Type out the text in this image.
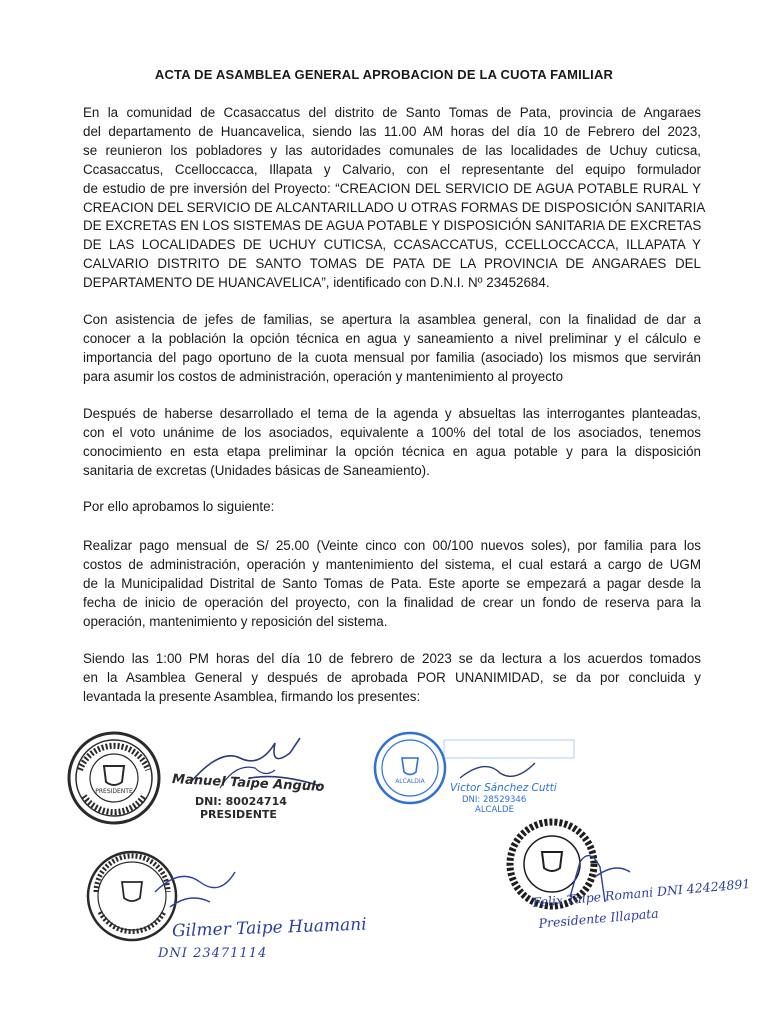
ACTA DE ASAMBLEA GENERAL APROBACION DE LA CUOTA FAMILIAR
En la comunidad de Ccasaccatus del distrito de Santo Tomas de Pata, provincia de Angaraes
del departamento de Huancavelica, siendo las 11.00 AM horas del día 10 de Febrero del 2023,
se reunieron los pobladores y las autoridades comunales de las localidades de Uchuy cuticsa,
Ccasaccatus, Ccelloccacca, Illapata y Calvario, con el representante del equipo formulador
de estudio de pre inversión del Proyecto: “CREACION DEL SERVICIO DE AGUA POTABLE RURAL Y
CREACION DEL SERVICIO DE ALCANTARILLADO U OTRAS FORMAS DE DISPOSICIÓN SANITARIA
DE EXCRETAS EN LOS SISTEMAS DE AGUA POTABLE Y DISPOSICIÓN SANITARIA DE EXCRETAS
DE LAS LOCALIDADES DE UCHUY CUTICSA, CCASACCATUS, CCELLOCCACCA, ILLAPATA Y
CALVARIO DISTRITO DE SANTO TOMAS DE PATA DE LA PROVINCIA DE ANGARAES DEL
DEPARTAMENTO DE HUANCAVELICA”, identificado con D.N.I. Nº 23452684.
Con asistencia de jefes de familias, se apertura la asamblea general, con la finalidad de dar a
conocer a la población la opción técnica en agua y saneamiento a nivel preliminar y el cálculo e
importancia del pago oportuno de la cuota mensual por familia (asociado) los mismos que servirán
para asumir los costos de administración, operación y mantenimiento al proyecto
Después de haberse desarrollado el tema de la agenda y absueltas las interrogantes planteadas,
con el voto unánime de los asociados, equivalente a 100% del total de los asociados, tenemos
conocimiento en esta etapa preliminar la opción técnica en agua potable y para la disposición
sanitaria de excretas (Unidades básicas de Saneamiento).
Por ello aprobamos lo siguiente:
Realizar pago mensual de S/ 25.00 (Veinte cinco con 00/100 nuevos soles), por familia para los
costos de administración, operación y mantenimiento del sistema, el cual estará a cargo de UGM
de la Municipalidad Distrital de Santo Tomas de Pata. Este aporte se empezará a pagar desde la
fecha de inicio de operación del proyecto, con la finalidad de crear un fondo de reserva para la
operación, mantenimiento y reposición del sistema.
Siendo las 1:00 PM horas del día 10 de febrero de 2023 se da lectura a los acuerdos tomados
en la Asamblea General y después de aprobada POR UNANIMIDAD, se da por concluida y
levantada la presente Asamblea, firmando los presentes:
PRESIDENTE	Manuel Taipe Angulo
DNI: 80024714
PRESIDENTE
ALCALDIA
Victor Sánchez Cutti
DNI: 28529346
ALCALDE
Gilmer Taipe Huamani
DNI 23471114
Felix Taipe Romani DNI 42424891
Presidente Illapata
